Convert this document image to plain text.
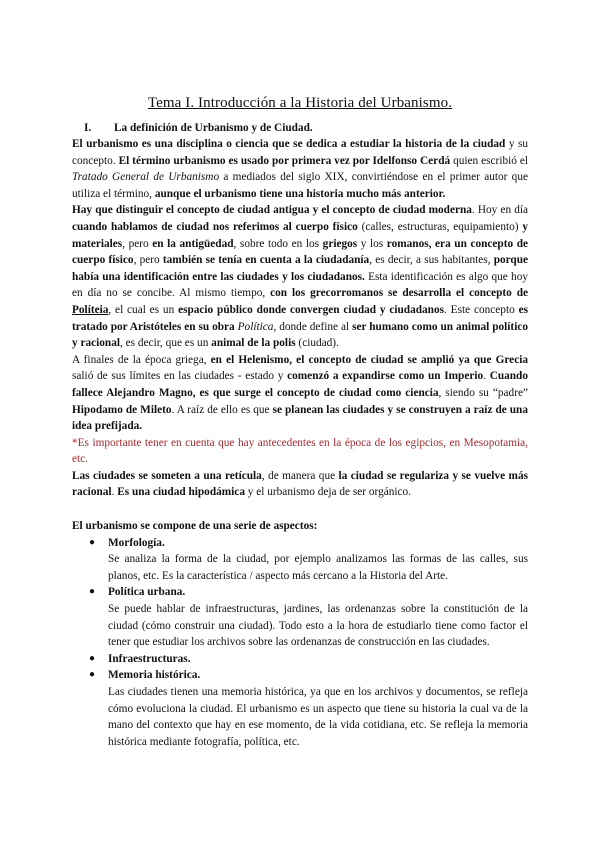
Tema I. Introducción a la Historia del Urbanismo.
I. La definición de Urbanismo y de Ciudad.

El urbanismo es una disciplina o ciencia que se dedica a estudiar la historia de la ciudad y su concepto. El término urbanismo es usado por primera vez por Idelfonso Cerdá quien escribió el Tratado General de Urbanismo a mediados del siglo XIX, convirtiéndose en el primer autor que utiliza el término, aunque el urbanismo tiene una historia mucho más anterior.

Hay que distinguir el concepto de ciudad antigua y el concepto de ciudad moderna. Hoy en día cuando hablamos de ciudad nos referimos al cuerpo físico (calles, estructuras, equipamiento) y materiales, pero en la antigüedad, sobre todo en los griegos y los romanos, era un concepto de cuerpo físico, pero también se tenía en cuenta a la ciudadanía, es decir, a sus habitantes, porque había una identificación entre las ciudades y los ciudadanos. Esta identificación es algo que hoy en día no se concibe. Al mismo tiempo, con los grecorromanos se desarrolla el concepto de Políteia, el cual es un espacio público donde convergen ciudad y ciudadanos. Este concepto es tratado por Aristóteles en su obra Política, donde define al ser humano como un animal político y racional, es decir, que es un animal de la polis (ciudad).

A finales de la época griega, en el Helenismo, el concepto de ciudad se amplió ya que Grecia salió de sus límites en las ciudades - estado y comenzó a expandirse como un Imperio. Cuando fallece Alejandro Magno, es que surge el concepto de ciudad como ciencia, siendo su “padre” Hipodamo de Mileto. A raíz de ello es que se planean las ciudades y se construyen a raíz de una idea prefijada.

*Es importante tener en cuenta que hay antecedentes en la época de los egipcios, en Mesopotamia, etc.

Las ciudades se someten a una retícula, de manera que la ciudad se regulariza y se vuelve más racional. Es una ciudad hipodámica y el urbanismo deja de ser orgánico.

El urbanismo se compone de una serie de aspectos:

● Morfología.
Se analiza la forma de la ciudad, por ejemplo analizamos las formas de las calles, sus planos, etc. Es la característica / aspecto más cercano a la Historia del Arte.
● Política urbana.
Se puede hablar de infraestructuras, jardines, las ordenanzas sobre la constitución de la ciudad (cómo construir una ciudad). Todo esto a la hora de estudiarlo tiene como factor el tener que estudiar los archivos sobre las ordenanzas de construcción en las ciudades.
● Infraestructuras.
● Memoria histórica.
Las ciudades tienen una memoria histórica, ya que en los archivos y documentos, se refleja cómo evoluciona la ciudad. El urbanismo es un aspecto que tiene su historia la cual va de la mano del contexto que hay en ese momento, de la vida cotidiana, etc. Se refleja la memoria histórica mediante fotografía, política, etc.
